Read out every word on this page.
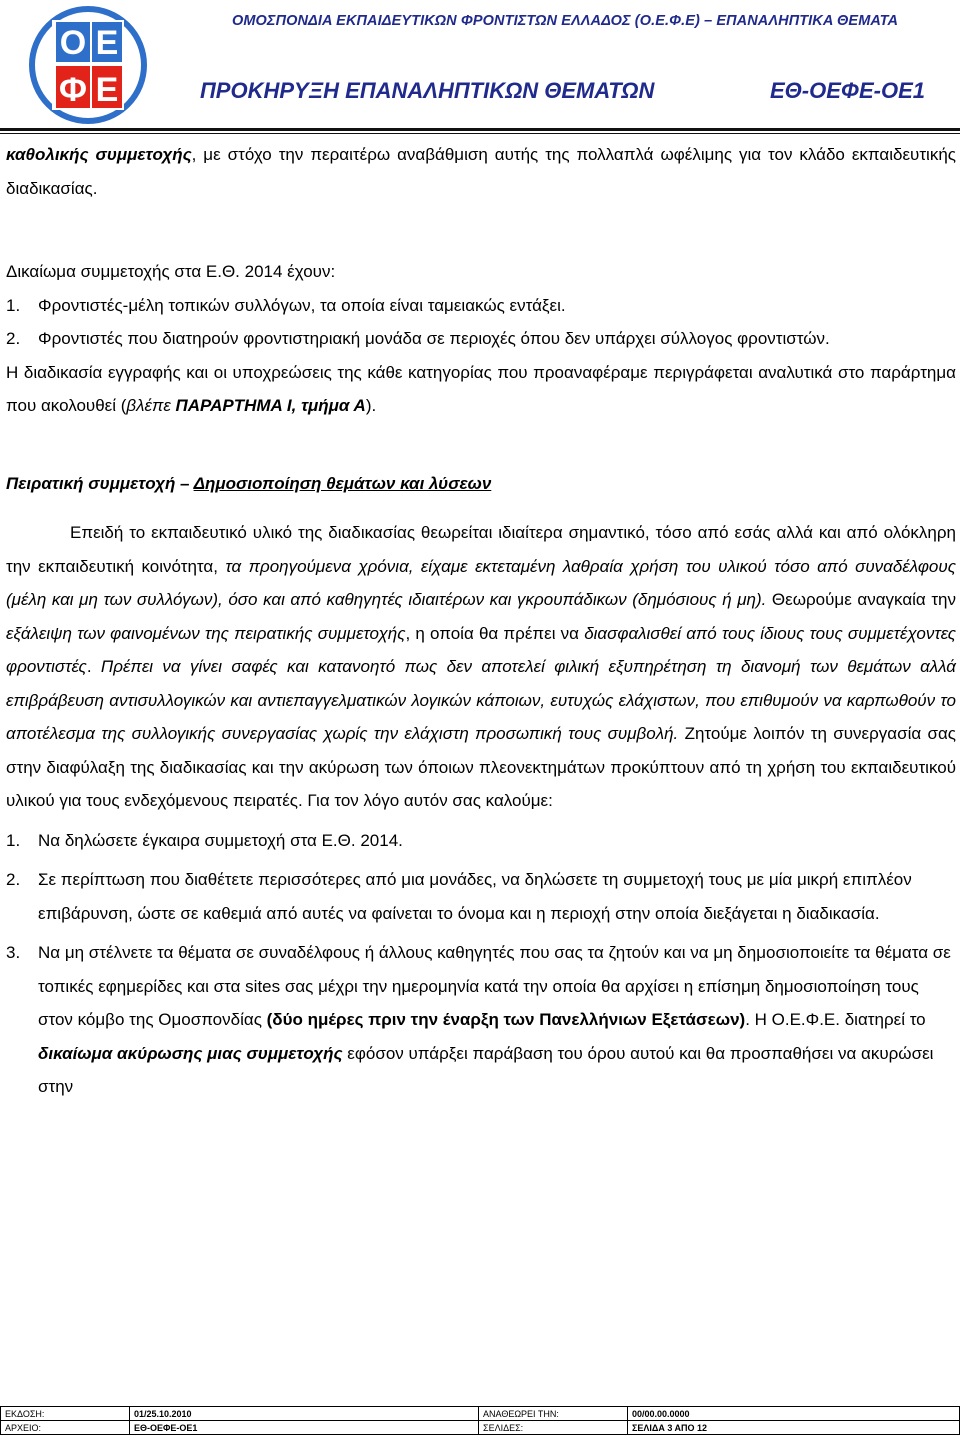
Ο Ε
Φ Ε
ΟΜΟΣΠΟΝΔΙΑ ΕΚΠΑΙΔΕΥΤΙΚΩΝ ΦΡΟΝΤΙΣΤΩΝ ΕΛΛΑΔΟΣ (Ο.Ε.Φ.Ε) – ΕΠΑΝΑΛΗΠΤΙΚΑ ΘΕΜΑΤΑ
ΠΡΟΚΗΡΥΞΗ ΕΠΑΝΑΛΗΠΤΙΚΩΝ ΘΕΜΑΤΩΝ	ΕΘ-ΟΕΦΕ-ΟΕ1

καθολικής συμμετοχής, με στόχο την περαιτέρω αναβάθμιση αυτής της πολλαπλά ωφέλιμης για τον κλάδο εκπαιδευτικής διαδικασίας.

Δικαίωμα συμμετοχής στα Ε.Θ. 2014 έχουν:

1. Φροντιστές-μέλη τοπικών συλλόγων, τα οποία είναι ταμειακώς εντάξει.
2. Φροντιστές που διατηρούν φροντιστηριακή μονάδα σε περιοχές όπου δεν υπάρχει σύλλογος φροντιστών.

Η διαδικασία εγγραφής και οι υποχρεώσεις της κάθε κατηγορίας που προαναφέραμε περιγράφεται αναλυτικά στο παράρτημα που ακολουθεί (βλέπε ΠΑΡΑΡΤΗΜΑ Ι, τμήμα Α).

Πειρατική συμμετοχή – Δημοσιοποίηση θεμάτων και λύσεων

Επειδή το εκπαιδευτικό υλικό της διαδικασίας θεωρείται ιδιαίτερα σημαντικό, τόσο από εσάς αλλά και από ολόκληρη την εκπαιδευτική κοινότητα, τα προηγούμενα χρόνια, είχαμε εκτεταμένη λαθραία χρήση του υλικού τόσο από συναδέλφους (μέλη και μη των συλλόγων), όσο και από καθηγητές ιδιαιτέρων και γκρουπάδικων (δημόσιους ή μη). Θεωρούμε αναγκαία την εξάλειψη των φαινομένων της πειρατικής συμμετοχής, η οποία θα πρέπει να διασφαλισθεί από τους ίδιους τους συμμετέχοντες φροντιστές. Πρέπει να γίνει σαφές και κατανοητό πως δεν αποτελεί φιλική εξυπηρέτηση τη διανομή των θεμάτων αλλά επιβράβευση αντισυλλογικών και αντιεπαγγελματικών λογικών κάποιων, ευτυχώς ελάχιστων, που επιθυμούν να καρπωθούν το αποτέλεσμα της συλλογικής συνεργασίας χωρίς την ελάχιστη προσωπική τους συμβολή. Ζητούμε λοιπόν τη συνεργασία σας στην διαφύλαξη της διαδικασίας και την ακύρωση των όποιων πλεονεκτημάτων προκύπτουν από τη χρήση του εκπαιδευτικού υλικού για τους ενδεχόμενους πειρατές. Για τον λόγο αυτόν σας καλούμε:

1. Να δηλώσετε έγκαιρα συμμετοχή στα Ε.Θ. 2014.
2. Σε περίπτωση που διαθέτετε περισσότερες από μια μονάδες, να δηλώσετε τη συμμετοχή τους με μία μικρή επιπλέον επιβάρυνση, ώστε σε καθεμιά από αυτές να φαίνεται το όνομα και η περιοχή στην οποία διεξάγεται η διαδικασία.
3. Να μη στέλνετε τα θέματα σε συναδέλφους ή άλλους καθηγητές που σας τα ζητούν και να μη δημοσιοποιείτε τα θέματα σε τοπικές εφημερίδες και στα sites σας μέχρι την ημερομηνία κατά την οποία θα αρχίσει η επίσημη δημοσιοποίηση τους στον κόμβο της Ομοσπονδίας (δύο ημέρες πριν την έναρξη των Πανελλήνιων Εξετάσεων). Η Ο.Ε.Φ.Ε. διατηρεί το δικαίωμα ακύρωσης μιας συμμετοχής εφόσον υπάρξει παράβαση του όρου αυτού και θα προσπαθήσει να ακυρώσει στην
ΕΚΔΟΣΗ:	01/25.10.2010	ΑΝΑΘΕΩΡΕΙ ΤΗΝ:	00/00.00.0000
ΑΡΧΕΙΟ:	ΕΘ-ΟΕΦΕ-ΟΕ1	ΣΕΛΙΔΕΣ:	ΣΕΛΙΔΑ 3 ΑΠΟ 12
